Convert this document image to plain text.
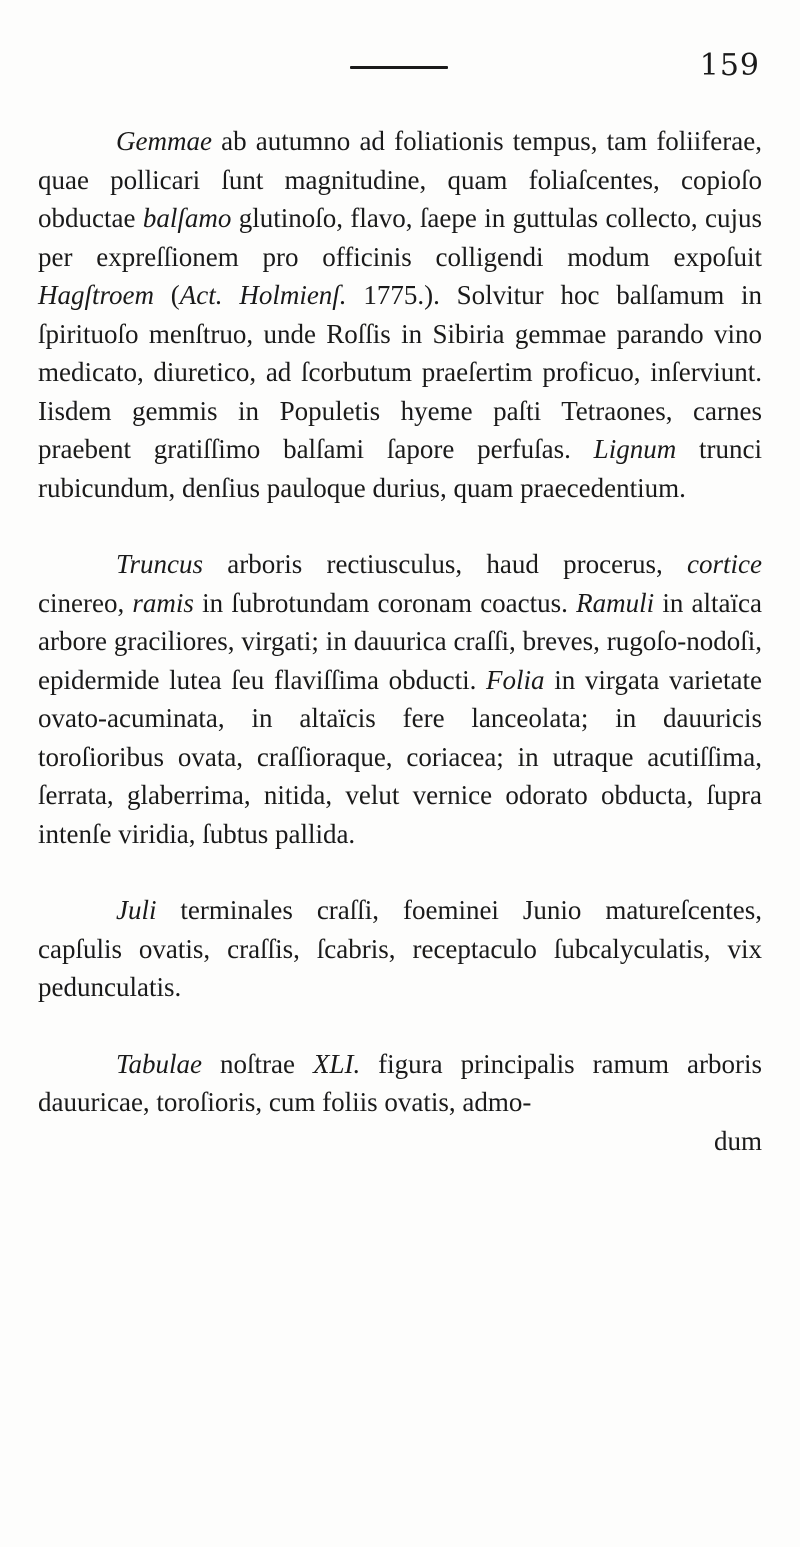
159

Gemmae ab autumno ad foliationis tempus, tam foliiferae, quae pollicari ſunt magnitudine, quam foliaſcentes, copioſo obductae balſamo glutinoſo, flavo, ſaepe in guttulas collecto, cujus per expreſſionem pro officinis colligendi modum expoſuit Hagſtroem (Act. Holmienſ. 1775.). Solvitur hoc balſamum in ſpirituoſo menſtruo, unde Roſſis in Sibiria gemmae parando vino medicato, diuretico, ad ſcorbutum praeſertim proficuo, inſerviunt. Iisdem gemmis in Populetis hyeme paſti Tetraones, carnes praebent gratiſſimo balſami ſapore perfuſas. Lignum trunci rubicundum, denſius pauloque durius, quam praecedentium.

Truncus arboris rectiusculus, haud procerus, cortice cinereo, ramis in ſubrotundam coronam coactus. Ramuli in altaïca arbore graciliores, virgati; in dauurica craſſi, breves, rugoſo-nodoſi, epidermide lutea ſeu flaviſſima obducti. Folia in virgata varietate ovato-acuminata, in altaïcis fere lanceolata; in dauuricis toroſioribus ovata, craſſioraque, coriacea; in utraque acutiſſima, ſerrata, glaberrima, nitida, velut vernice odorato obducta, ſupra intenſe viridia, ſubtus pallida.

Juli terminales craſſi, foeminei Junio matureſcentes, capſulis ovatis, craſſis, ſcabris, receptaculo ſubcalyculatis, vix pedunculatis.

Tabulae noſtrae XLI. figura principalis ramum arboris dauuricae, toroſioris, cum foliis ovatis, admo-
dum
